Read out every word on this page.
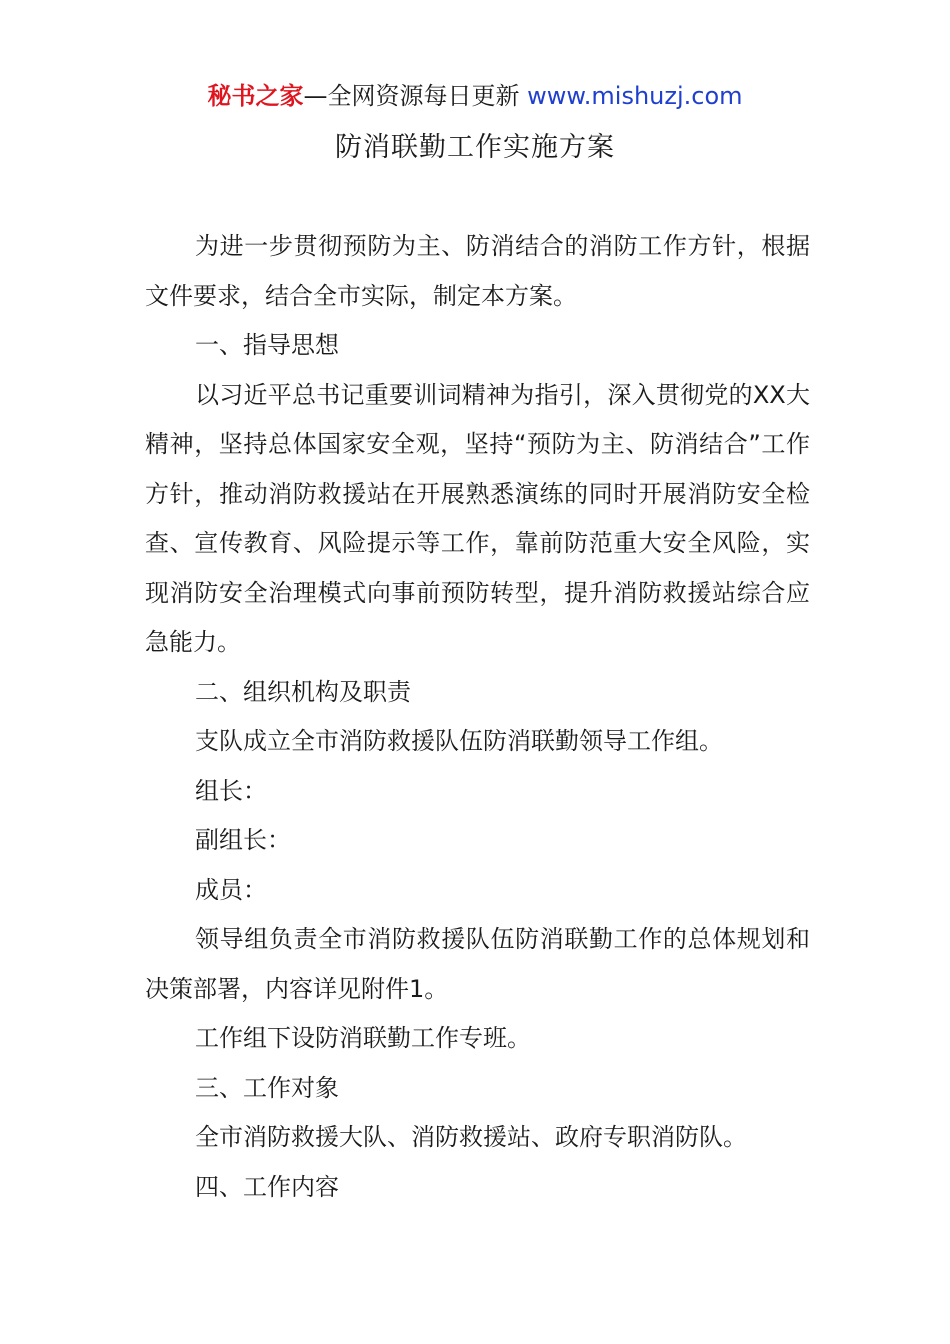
秘书之家—全网资源每日更新 www.mishuzj.com
防消联勤工作实施方案

为进一步贯彻预防为主、防消结合的消防工作方针，根据文件要求，结合全市实际，制定本方案。

一、指导思想

以习近平总书记重要训词精神为指引，深入贯彻党的XX大精神，坚持总体国家安全观，坚持“预防为主、防消结合”工作方针，推动消防救援站在开展熟悉演练的同时开展消防安全检查、宣传教育、风险提示等工作，靠前防范重大安全风险，实现消防安全治理模式向事前预防转型，提升消防救援站综合应急能力。

二、组织机构及职责

支队成立全市消防救援队伍防消联勤领导工作组。

组长：

副组长：

成员：

领导组负责全市消防救援队伍防消联勤工作的总体规划和决策部署，内容详见附件1。

工作组下设防消联勤工作专班。

三、工作对象

全市消防救援大队、消防救援站、政府专职消防队。

四、工作内容
